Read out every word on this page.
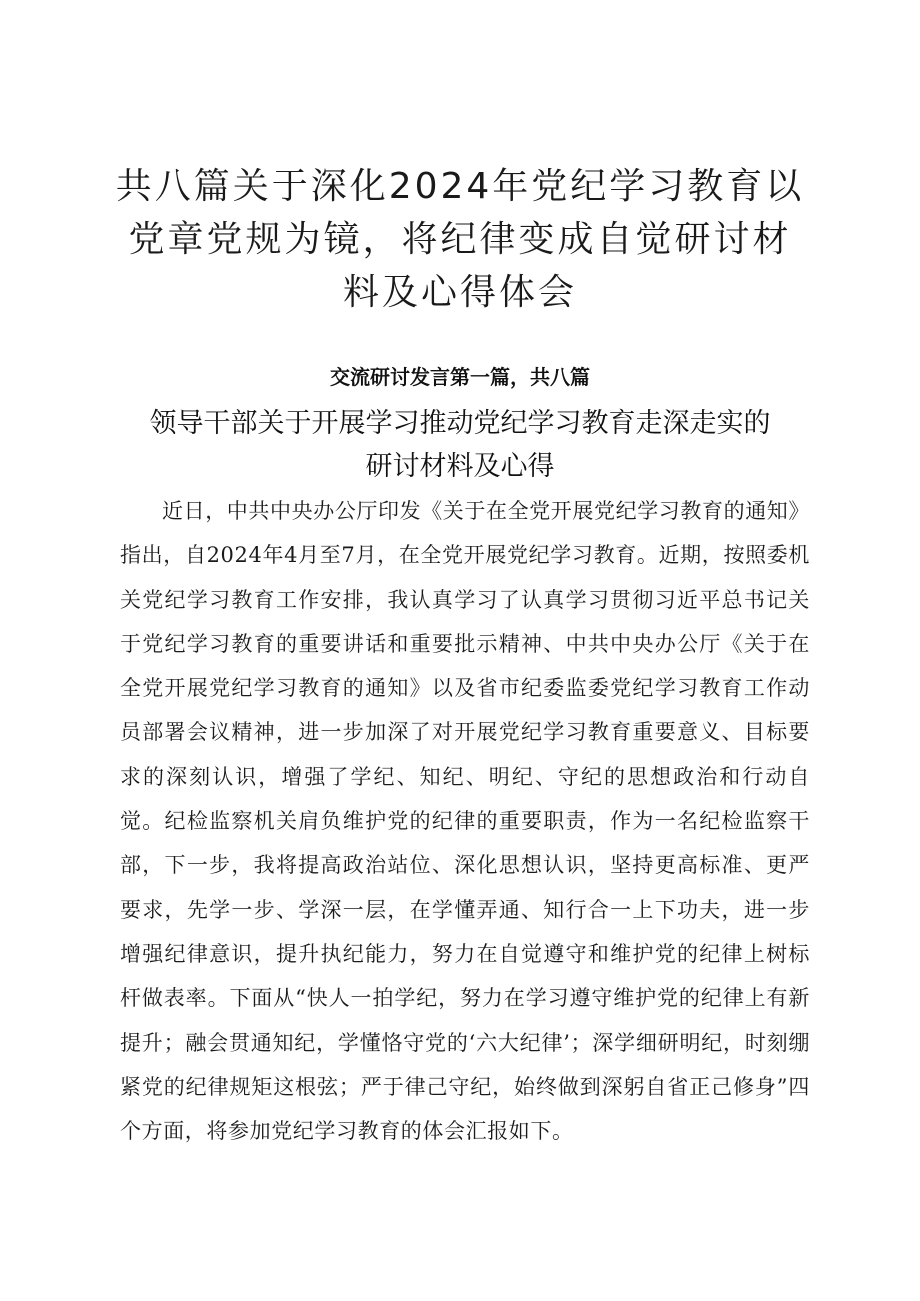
共八篇关于深化2024年党纪学习教育以党章党规为镜，将纪律变成自觉研讨材料及心得体会
交流研讨发言第一篇，共八篇
领导干部关于开展学习推动党纪学习教育走深走实的研讨材料及心得

近日，中共中央办公厅印发《关于在全党开展党纪学习教育的通知》指出，自2024年4月至7月，在全党开展党纪学习教育。近期，按照委机关党纪学习教育工作安排，我认真学习了认真学习贯彻习近平总书记关于党纪学习教育的重要讲话和重要批示精神、中共中央办公厅《关于在全党开展党纪学习教育的通知》以及省市纪委监委党纪学习教育工作动员部署会议精神，进一步加深了对开展党纪学习教育重要意义、目标要求的深刻认识，增强了学纪、知纪、明纪、守纪的思想政治和行动自觉。纪检监察机关肩负维护党的纪律的重要职责，作为一名纪检监察干部，下一步，我将提高政治站位、深化思想认识，坚持更高标准、更严要求，先学一步、学深一层，在学懂弄通、知行合一上下功夫，进一步增强纪律意识，提升执纪能力，努力在自觉遵守和维护党的纪律上树标杆做表率。下面从“快人一拍学纪，努力在学习遵守维护党的纪律上有新提升；融会贯通知纪，学懂恪守党的‘六大纪律’；深学细研明纪，时刻绷紧党的纪律规矩这根弦；严于律己守纪，始终做到深躬自省正己修身”四个方面，将参加党纪学习教育的体会汇报如下。
